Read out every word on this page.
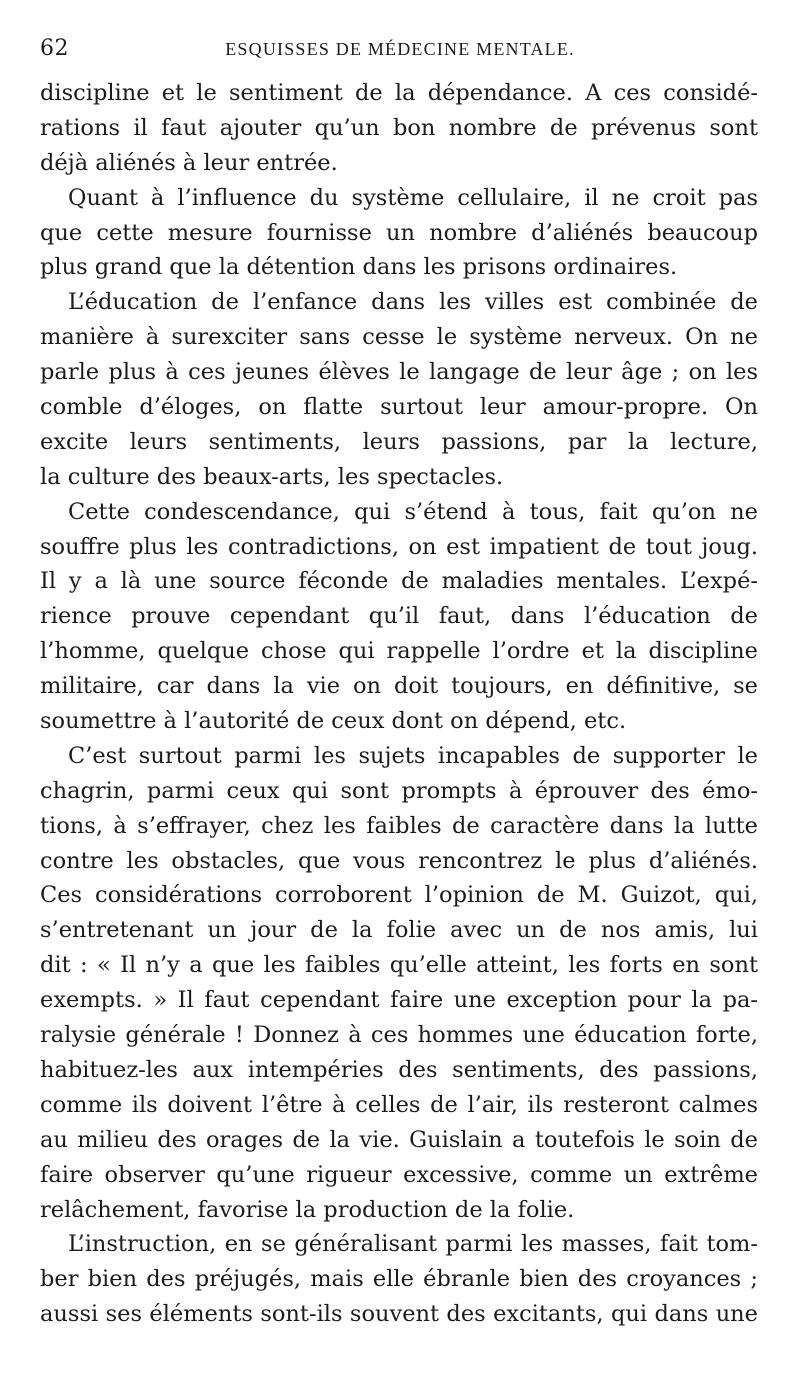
62	ESQUISSES DE MÉDECINE MENTALE.
discipline et le sentiment de la dépendance. A ces considé-
rations il faut ajouter qu’un bon nombre de prévenus sont
déjà aliénés à leur entrée.
Quant à l’influence du système cellulaire, il ne croit pas
que cette mesure fournisse un nombre d’aliénés beaucoup
plus grand que la détention dans les prisons ordinaires.
L’éducation de l’enfance dans les villes est combinée de
manière à surexciter sans cesse le système nerveux. On ne
parle plus à ces jeunes élèves le langage de leur âge ; on les
comble d’éloges, on flatte surtout leur amour-propre. On
excite leurs sentiments, leurs passions, par la lecture,
la culture des beaux-arts, les spectacles.
Cette condescendance, qui s’étend à tous, fait qu’on ne
souffre plus les contradictions, on est impatient de tout joug.
Il y a là une source féconde de maladies mentales. L’expé-
rience prouve cependant qu’il faut, dans l’éducation de
l’homme, quelque chose qui rappelle l’ordre et la discipline
militaire, car dans la vie on doit toujours, en définitive, se
soumettre à l’autorité de ceux dont on dépend, etc.
C’est surtout parmi les sujets incapables de supporter le
chagrin, parmi ceux qui sont prompts à éprouver des émo-
tions, à s’effrayer, chez les faibles de caractère dans la lutte
contre les obstacles, que vous rencontrez le plus d’aliénés.
Ces considérations corroborent l’opinion de M. Guizot, qui,
s’entretenant un jour de la folie avec un de nos amis, lui
dit : « Il n’y a que les faibles qu’elle atteint, les forts en sont
exempts. » Il faut cependant faire une exception pour la pa-
ralysie générale ! Donnez à ces hommes une éducation forte,
habituez-les aux intempéries des sentiments, des passions,
comme ils doivent l’être à celles de l’air, ils resteront calmes
au milieu des orages de la vie. Guislain a toutefois le soin de
faire observer qu’une rigueur excessive, comme un extrême
relâchement, favorise la production de la folie.
L’instruction, en se généralisant parmi les masses, fait tom-
ber bien des préjugés, mais elle ébranle bien des croyances ;
aussi ses éléments sont-ils souvent des excitants, qui dans une
